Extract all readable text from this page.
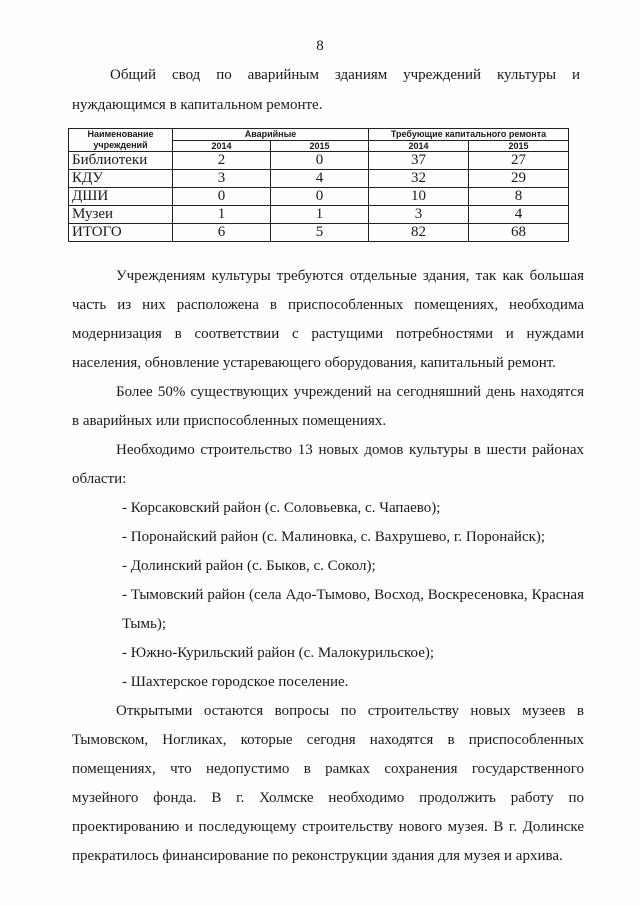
8

Общий свод по аварийным зданиям учреждений культуры и нуждающимся в капитальном ремонте.

Наименование учреждений	Аварийные		Требующие капитального ремонта	
	2014	2015	2014	2015
Библиотеки	2	0	37	27
КДУ	3	4	32	29
ДШИ	0	0	10	8
Музеи	1	1	3	4
ИТОГО	6	5	82	68

Учреждениям культуры требуются отдельные здания, так как большая часть из них расположена в приспособленных помещениях, необходима модернизация в соответствии с растущими потребностями и нуждами населения, обновление устаревающего оборудования, капитальный ремонт.

Более 50% существующих учреждений на сегодняшний день находятся в аварийных или приспособленных помещениях.

Необходимо строительство 13 новых домов культуры в шести районах области:

- Корсаковский район (с. Соловьевка, с. Чапаево);

- Поронайский район (с. Малиновка, с. Вахрушево, г. Поронайск);

- Долинский район (с. Быков, с. Сокол);

- Тымовский район (села Адо-Тымово, Восход, Воскресеновка, Красная Тымь);

- Южно-Курильский район (с. Малокурильское);

- Шахтерское городское поселение.

Открытыми остаются вопросы по строительству новых музеев в Тымовском, Ногликах, которые сегодня находятся в приспособленных помещениях, что недопустимо в рамках сохранения государственного музейного фонда. В г. Холмске необходимо продолжить работу по проектированию и последующему строительству нового музея. В г. Долинске прекратилось финансирование по реконструкции здания для музея и архива.
